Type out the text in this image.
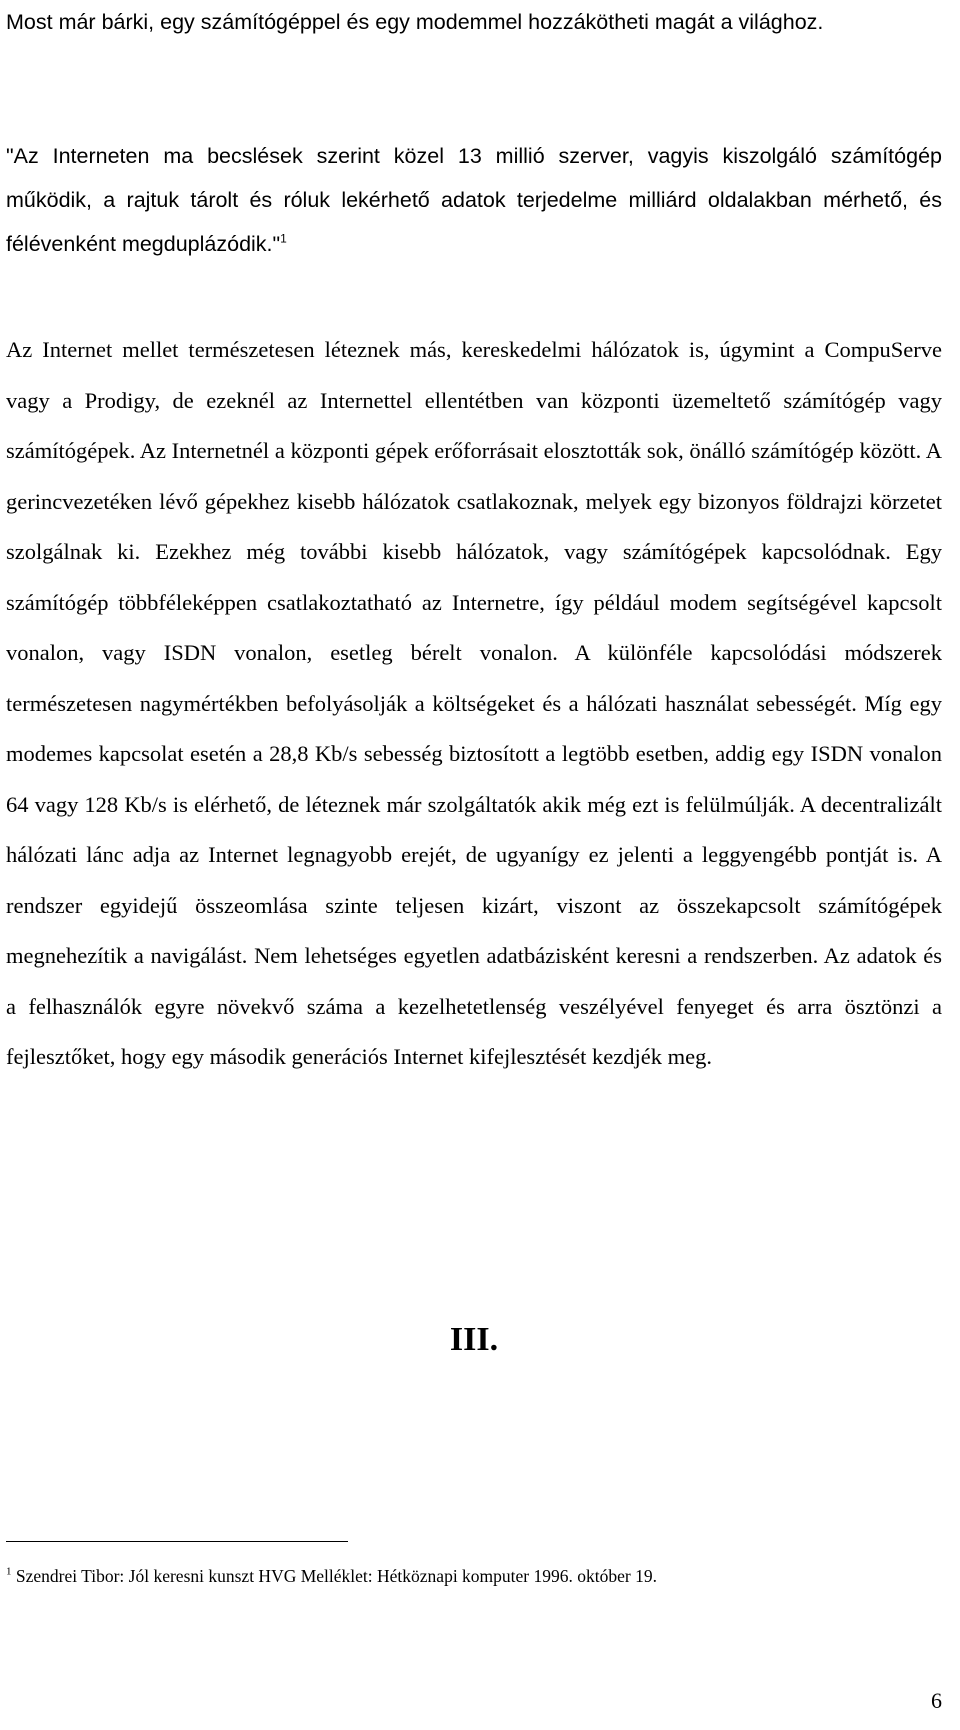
Most már bárki, egy számítógéppel és egy modemmel hozzákötheti magát a világhoz.

"Az Interneten ma becslések szerint közel 13 millió szerver, vagyis kiszolgáló számítógép működik, a rajtuk tárolt és róluk lekérhető adatok terjedelme milliárd oldalakban mérhető, és félévenként megduplázódik."$^1$

Az Internet mellet természetesen léteznek más, kereskedelmi hálózatok is, úgymint a CompuServe vagy a Prodigy, de ezeknél az Internettel ellentétben van központi üzemeltető számítógép vagy számítógépek. Az Internetnél a központi gépek erőforrásait elosztották sok, önálló számítógép között. A gerincvezetéken lévő gépekhez kisebb hálózatok csatlakoznak, melyek egy bizonyos földrajzi körzetet szolgálnak ki. Ezekhez még további kisebb hálózatok, vagy számítógépek kapcsolódnak. Egy számítógép többféleképpen csatlakoztatható az Internetre, így például modem segítségével kapcsolt vonalon, vagy ISDN vonalon, esetleg bérelt vonalon. A különféle kapcsolódási módszerek természetesen nagymértékben befolyásolják a költségeket és a hálózati használat sebességét. Míg egy modemes kapcsolat esetén a 28,8 Kb/s sebesség biztosított a legtöbb esetben, addig egy ISDN vonalon 64 vagy 128 Kb/s is elérhető, de léteznek már szolgáltatók akik még ezt is felülmúlják. A decentralizált hálózati lánc adja az Internet legnagyobb erejét, de ugyanígy ez jelenti a leggyengébb pontját is. A rendszer egyidejű összeomlása szinte teljesen kizárt, viszont az összekapcsolt számítógépek megnehezítik a navigálást. Nem lehetséges egyetlen adatbázisként keresni a rendszerben. Az adatok és a felhasználók egyre növekvő száma a kezelhetetlenség veszélyével fenyeget és arra ösztönzi a fejlesztőket, hogy egy második generációs Internet kifejlesztését kezdjék meg.

III.

$^1$ Szendrei Tibor: Jól keresni kunszt HVG Melléklet: Hétköznapi komputer 1996. október 19.

6
